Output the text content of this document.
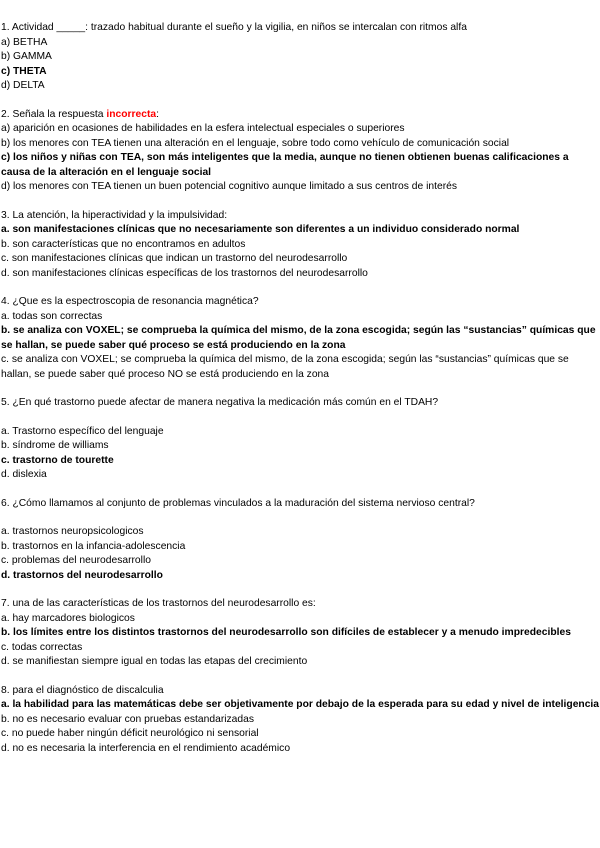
1. Actividad _____: trazado habitual durante el sueño y la vigilia, en niños se intercalan con ritmos alfa

a) BETHA

b) GAMMA

c) THETA

d) DELTA

2. Señala la respuesta incorrecta:

a) aparición en ocasiones de habilidades en la esfera intelectual especiales o superiores

b) los menores con TEA tienen una alteración en el lenguaje, sobre todo como vehículo de comunicación social

c) los niños y niñas con TEA, son más inteligentes que la media, aunque no tienen obtienen buenas calificaciones a causa de la alteración en el lenguaje social

d) los menores con TEA tienen un buen potencial cognitivo aunque limitado a sus centros de interés

3. La atención, la hiperactividad y la impulsividad:

a. son manifestaciones clínicas que no necesariamente son diferentes a un individuo considerado normal

b. son características que no encontramos en adultos

c. son manifestaciones clínicas que indican un trastorno del neurodesarrollo

d. son manifestaciones clínicas específicas de los trastornos del neurodesarrollo

4. ¿Que es la espectroscopia de resonancia magnética?

a. todas son correctas

b. se analiza con VOXEL; se comprueba la química del mismo, de la zona escogida; según las “sustancias” químicas que se hallan, se puede saber qué proceso se está produciendo en la zona

c. se analiza con VOXEL; se comprueba la química del mismo, de la zona escogida; según las “sustancias” químicas que se hallan, se puede saber qué proceso NO se está produciendo en la zona

5. ¿En qué trastorno puede afectar de manera negativa la medicación más común en el TDAH?

a. Trastorno específico del lenguaje

b. síndrome de williams

c. trastorno de tourette

d. dislexia

6. ¿Cómo llamamos al conjunto de problemas vinculados a la maduración del sistema nervioso central?

a. trastornos neuropsicologicos

b. trastornos en la infancia-adolescencia

c. problemas del neurodesarrollo

d. trastornos del neurodesarrollo

7. una de las características de los trastornos del neurodesarrollo es:

a. hay marcadores biologicos

b. los límites entre los distintos trastornos del neurodesarrollo son difíciles de establecer y a menudo impredecibles

c. todas correctas

d. se manifiestan siempre igual en todas las etapas del crecimiento

8. para el diagnóstico de discalculia

a. la habilidad para las matemáticas debe ser objetivamente por debajo de la esperada para su edad y nivel de inteligencia

b. no es necesario evaluar con pruebas estandarizadas

c. no puede haber ningún déficit neurológico ni sensorial

d. no es necesaria la interferencia en el rendimiento académico
